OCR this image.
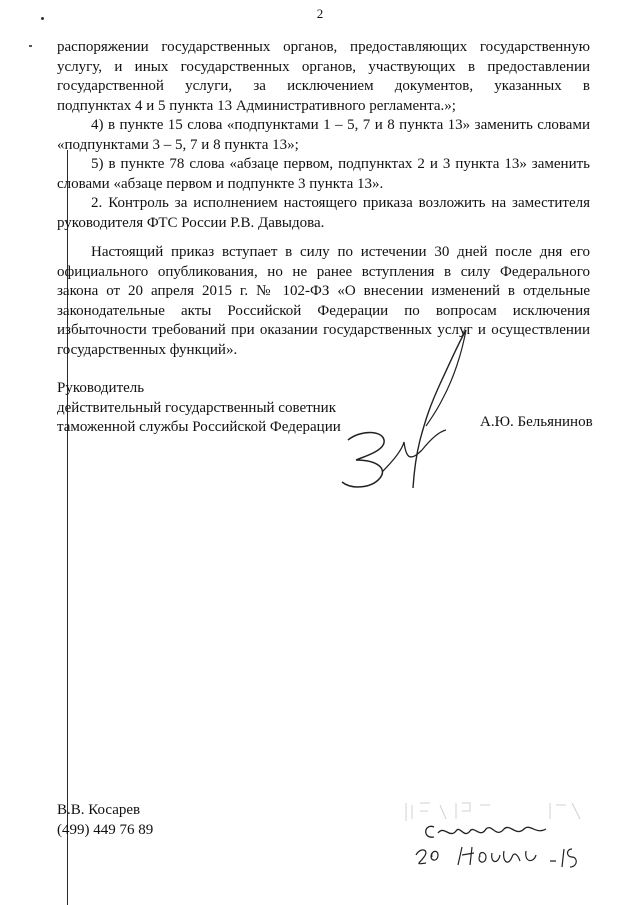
2
распоряжении государственных органов, предоставляющих государственную
услугу, и иных государственных органов, участвующих в предоставлении
государственной услуги, за исключением документов, указанных в
подпунктах 4 и 5 пункта 13 Административного регламента.»;
4) в пункте 15 слова «подпунктами 1 – 5, 7 и 8 пункта 13» заменить словами
«подпунктами 3 – 5, 7 и 8 пункта 13»;
5) в пункте 78 слова «абзаце первом, подпунктах 2 и 3 пункта 13» заменить
словами «абзаце первом и подпункте 3 пункта 13».
2. Контроль за исполнением настоящего приказа возложить на заместителя
руководителя ФТС России Р.В. Давыдова.
Настоящий приказ вступает в силу по истечении 30 дней после дня его
официального опубликования, но не ранее вступления в силу Федерального
закона от 20 апреля 2015 г. № 102-ФЗ «О внесении изменений в отдельные
законодательные акты Российской Федерации по вопросам исключения
избыточности требований при оказании государственных услуг и осуществлении
государственных функций».
Руководитель
действительный государственный советник
таможенной службы Российской Федерации	А.Ю. Бельянинов
В.В. Косарев
(499) 449 76 89
